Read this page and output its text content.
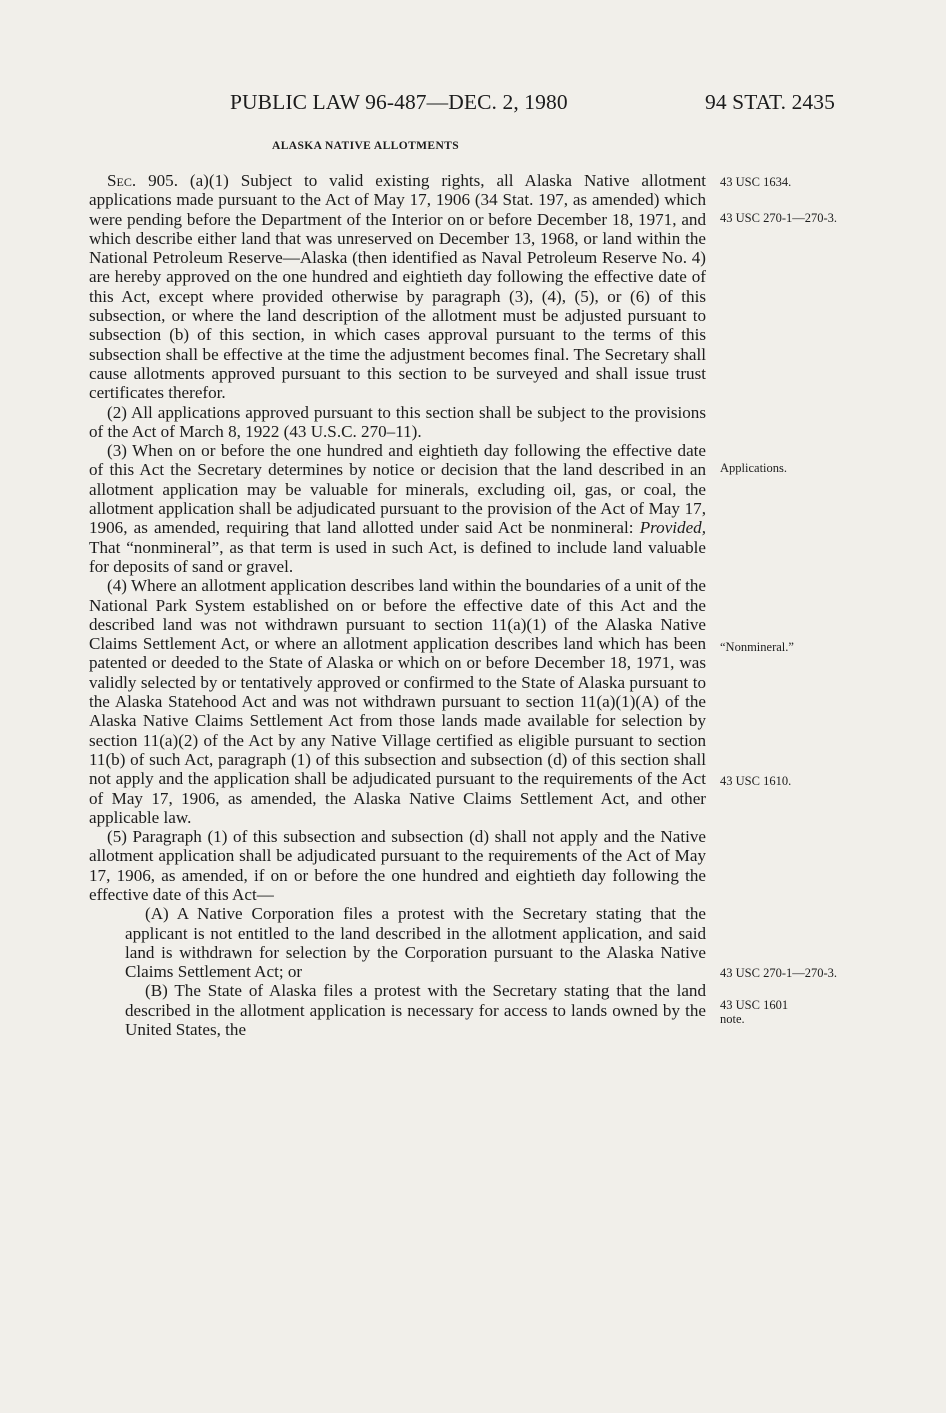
PUBLIC LAW 96-487—DEC. 2, 1980	94 STAT. 2435
ALASKA NATIVE ALLOTMENTS

Sec. 905. (a)(1) Subject to valid existing rights, all Alaska Native allotment applications made pursuant to the Act of May 17, 1906 (34 Stat. 197, as amended) which were pending before the Department of the Interior on or before December 18, 1971, and which describe either land that was unreserved on December 13, 1968, or land within the National Petroleum Reserve—Alaska (then identified as Naval Petroleum Reserve No. 4) are hereby approved on the one hundred and eightieth day following the effective date of this Act, except where provided otherwise by paragraph (3), (4), (5), or (6) of this subsection, or where the land description of the allotment must be adjusted pursuant to subsection (b) of this section, in which cases approval pursuant to the terms of this subsection shall be effective at the time the adjustment becomes final. The Secretary shall cause allotments approved pursuant to this section to be surveyed and shall issue trust certificates therefor.

(2) All applications approved pursuant to this section shall be subject to the provisions of the Act of March 8, 1922 (43 U.S.C. 270–11).

(3) When on or before the one hundred and eightieth day following the effective date of this Act the Secretary determines by notice or decision that the land described in an allotment application may be valuable for minerals, excluding oil, gas, or coal, the allotment application shall be adjudicated pursuant to the provision of the Act of May 17, 1906, as amended, requiring that land allotted under said Act be nonmineral: Provided, That “nonmineral”, as that term is used in such Act, is defined to include land valuable for deposits of sand or gravel.

(4) Where an allotment application describes land within the boundaries of a unit of the National Park System established on or before the effective date of this Act and the described land was not withdrawn pursuant to section 11(a)(1) of the Alaska Native Claims Settlement Act, or where an allotment application describes land which has been patented or deeded to the State of Alaska or which on or before December 18, 1971, was validly selected by or tentatively approved or confirmed to the State of Alaska pursuant to the Alaska Statehood Act and was not withdrawn pursuant to section 11(a)(1)(A) of the Alaska Native Claims Settlement Act from those lands made available for selection by section 11(a)(2) of the Act by any Native Village certified as eligible pursuant to section 11(b) of such Act, paragraph (1) of this subsection and subsection (d) of this section shall not apply and the application shall be adjudicated pursuant to the requirements of the Act of May 17, 1906, as amended, the Alaska Native Claims Settlement Act, and other applicable law.

(5) Paragraph (1) of this subsection and subsection (d) shall not apply and the Native allotment application shall be adjudicated pursuant to the requirements of the Act of May 17, 1906, as amended, if on or before the one hundred and eightieth day following the effective date of this Act—

(A) A Native Corporation files a protest with the Secretary stating that the applicant is not entitled to the land described in the allotment application, and said land is withdrawn for selection by the Corporation pursuant to the Alaska Native Claims Settlement Act; or

(B) The State of Alaska files a protest with the Secretary stating that the land described in the allotment application is necessary for access to lands owned by the United States, the

43 USC 1634.
43 USC 270-1—270-3.
Applications.
“Nonmineral.”
43 USC 1610.
43 USC 270-1—270-3.
43 USC 1601 note.
